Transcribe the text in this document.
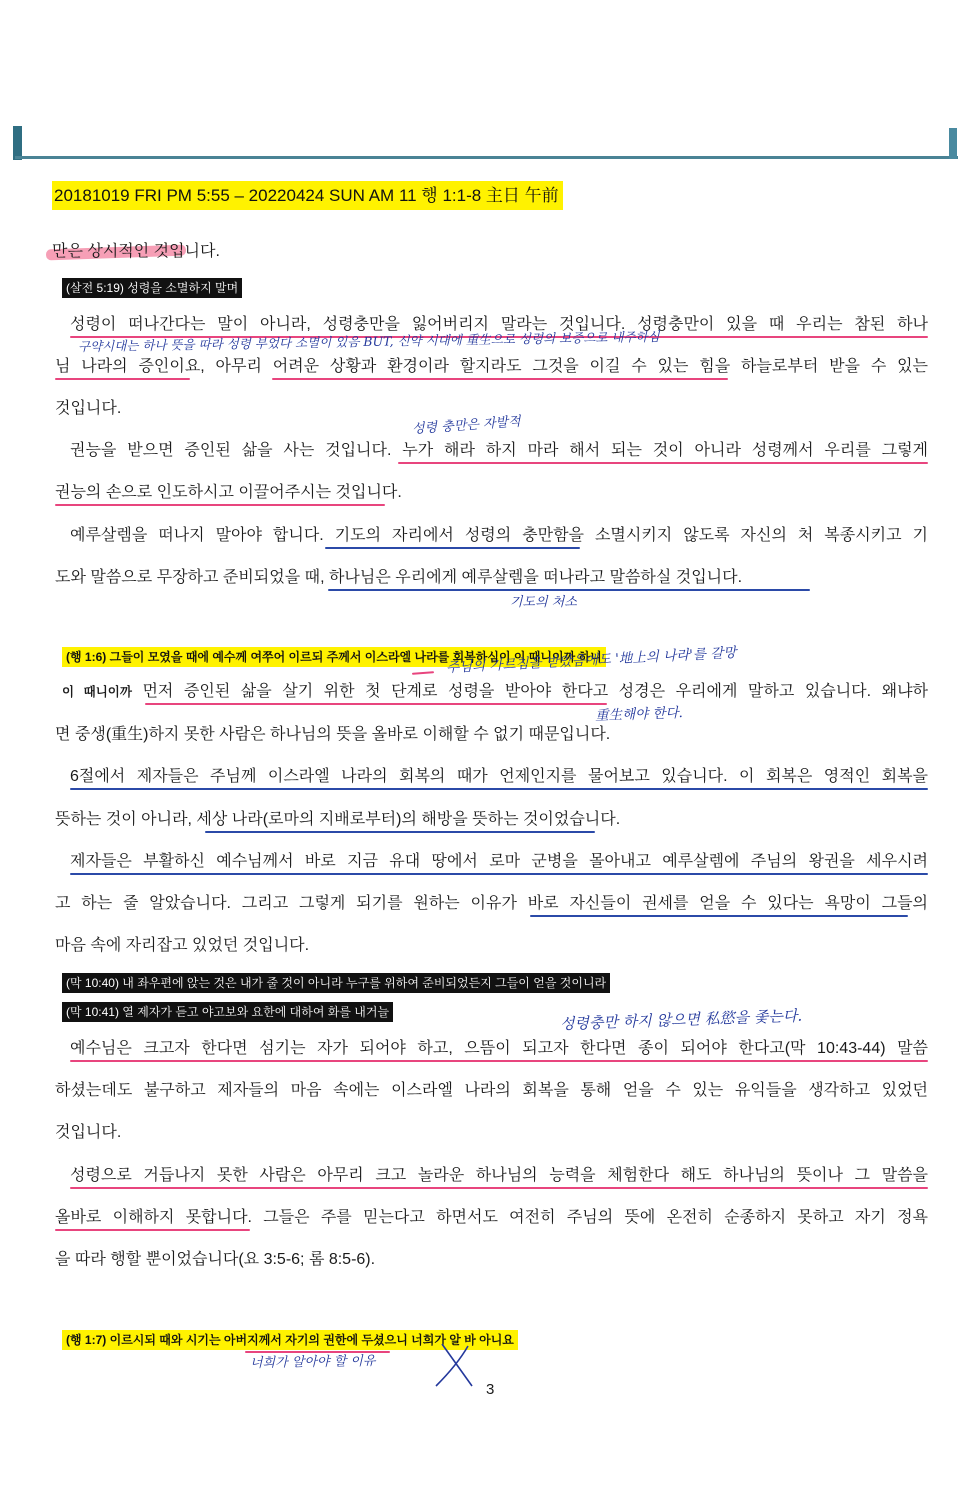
20181019 FRI PM 5:55 – 20220424 SUN AM 11 행 1:1-8 主日 午前
만은 상시적인 것입니다.
(살전 5:19) 성령을 소멸하지 말며
성령이 떠나간다는 말이 아니라, 성령충만을 잃어버리지 말라는 것입니다. 성령충만이 있을 때 우리는 참된 하나
님 나라의 증인이요, 아무리 어려운 상황과 환경이라 할지라도 그것을 이길 수 있는 힘을 하늘로부터 받을 수 있는
것입니다.
권능을 받으면 증인된 삶을 사는 것입니다. 누가 해라 하지 마라 해서 되는 것이 아니라 성령께서 우리를 그렇게
권능의 손으로 인도하시고 이끌어주시는 것입니다.
예루살렘을 떠나지 말아야 합니다. 기도의 자리에서 성령의 충만함을 소멸시키지 않도록 자신의 처 복종시키고 기
도와 말씀으로 무장하고 준비되었을 때, 하나님은 우리에게 예루살렘을 떠나라고 말씀하실 것입니다.
(행 1:6) 그들이 모였을 때에 예수께 여쭈어 이르되 주께서 이스라엘 나라를 회복하심이 이 때니이까 하니
이 때니이까 먼저 증인된 삶을 살기 위한 첫 단계로 성령을 받아야 한다고 성경은 우리에게 말하고 있습니다. 왜냐하
면 중생(重生)하지 못한 사람은 하나님의 뜻을 올바로 이해할 수 없기 때문입니다.
6절에서 제자들은 주님께 이스라엘 나라의 회복의 때가 언제인지를 물어보고 있습니다. 이 회복은 영적인 회복을
뜻하는 것이 아니라, 세상 나라(로마의 지배로부터)의 해방을 뜻하는 것이었습니다.
제자들은 부활하신 예수님께서 바로 지금 유대 땅에서 로마 군병을 몰아내고 예루살렘에 주님의 왕권을 세우시려
고 하는 줄 알았습니다. 그리고 그렇게 되기를 원하는 이유가 바로 자신들이 권세를 얻을 수 있다는 욕망이 그들의
마음 속에 자리잡고 있었던 것입니다.
(막 10:40) 내 좌우편에 앉는 것은 내가 줄 것이 아니라 누구를 위하여 준비되었든지 그들이 얻을 것이니라
(막 10:41) 열 제자가 듣고 야고보와 요한에 대하여 화를 내거늘
예수님은 크고자 한다면 섬기는 자가 되어야 하고, 으뜸이 되고자 한다면 종이 되어야 한다고(막 10:43-44) 말씀
하셨는데도 불구하고 제자들의 마음 속에는 이스라엘 나라의 회복을 통해 얻을 수 있는 유익들을 생각하고 있었던
것입니다.
성령으로 거듭나지 못한 사람은 아무리 크고 놀라운 하나님의 능력을 체험한다 해도 하나님의 뜻이나 그 말씀을
올바로 이해하지 못합니다. 그들은 주를 믿는다고 하면서도 여전히 주님의 뜻에 온전히 순종하지 못하고 자기 정욕
을 따라 행할 뿐이었습니다(요 3:5-6; 롬 8:5-6).
(행 1:7) 이르시되 때와 시기는 아버지께서 자기의 권한에 두셨으니 너희가 알 바 아니요
구약시대는 하나 뜻을 따라 성령 부었다 소멸이 있음 BUT, 신약 시대에 重生으로 성령의 보증으로 내주하심
성령 충만은 자발적
기도의 처소
주님의 가르침을 받았음에도 '地上의 나라'를 갈망
重生해야 한다.
성령충만 하지 않으면 私慾을 좇는다.
너희가 알아야 할 이유
3
